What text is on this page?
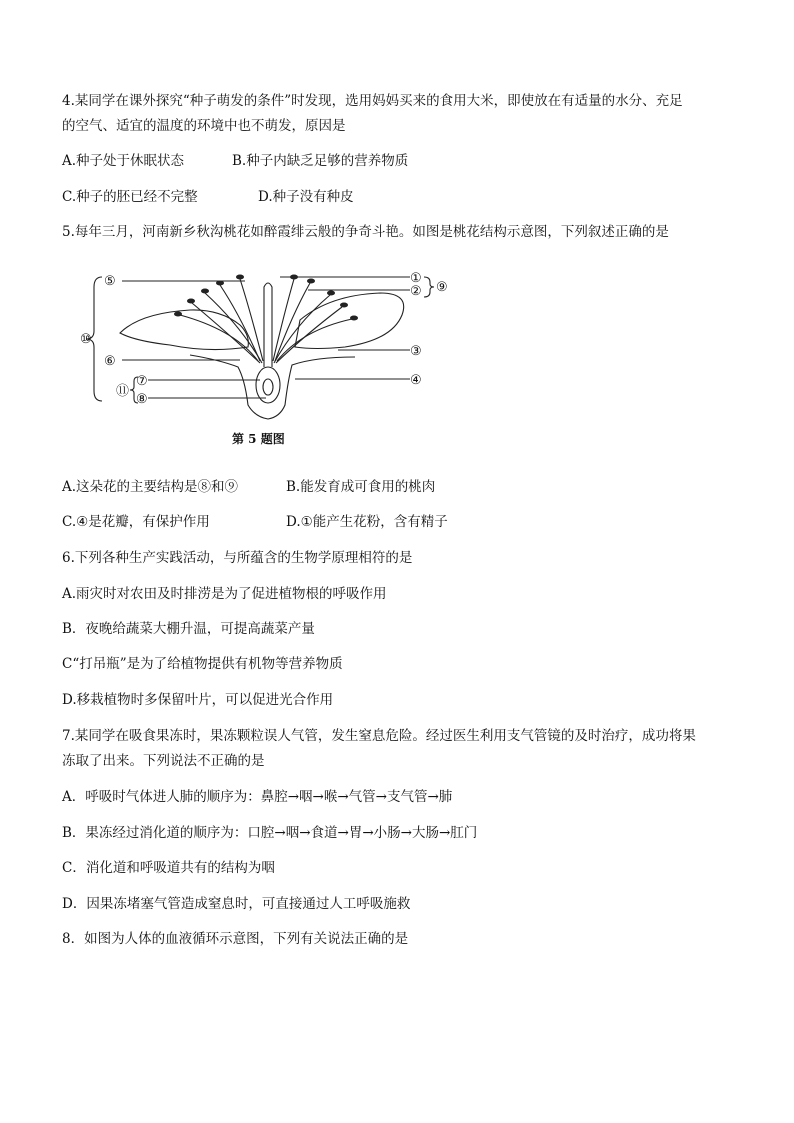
4.某同学在课外探究“种子萌发的条件”时发现，选用妈妈买来的食用大米，即使放在有适量的水分、充足
的空气、适宜的温度的环境中也不萌发，原因是
A.种子处于休眠状态	B.种子内缺乏足够的营养物质
C.种子的胚已经不完整	D.种子没有种皮
5.每年三月，河南新乡秋沟桃花如醉霞绯云般的争奇斗艳。如图是桃花结构示意图，下列叙述正确的是
⑤	①
② ⑨
③
④
⑥
⑩
⑪
⑦
⑧
第 5 题图
A.这朵花的主要结构是⑧和⑨	B.能发育成可食用的桃肉
C.④是花瓣，有保护作用	D.①能产生花粉，含有精子
6.下列各种生产实践活动，与所蕴含的生物学原理相符的是
A.雨灾时对农田及时排涝是为了促进植物根的呼吸作用
B．夜晚给蔬菜大棚升温，可提高蔬菜产量
C“打吊瓶”是为了给植物提供有机物等营养物质
D.移栽植物时多保留叶片，可以促进光合作用
7.某同学在吸食果冻时，果冻颗粒误人气管，发生窒息危险。经过医生利用支气管镜的及时治疗，成功将果
冻取了出来。下列说法不正确的是
A．呼吸时气体进人肺的顺序为：鼻腔→咽→喉→气管→支气管→肺
B．果冻经过消化道的顺序为：口腔→咽→食道→胃→小肠→大肠→肛门
C．消化道和呼吸道共有的结构为咽
D．因果冻堵塞气管造成窒息时，可直接通过人工呼吸施救
8．如图为人体的血液循环示意图，下列有关说法正确的是
